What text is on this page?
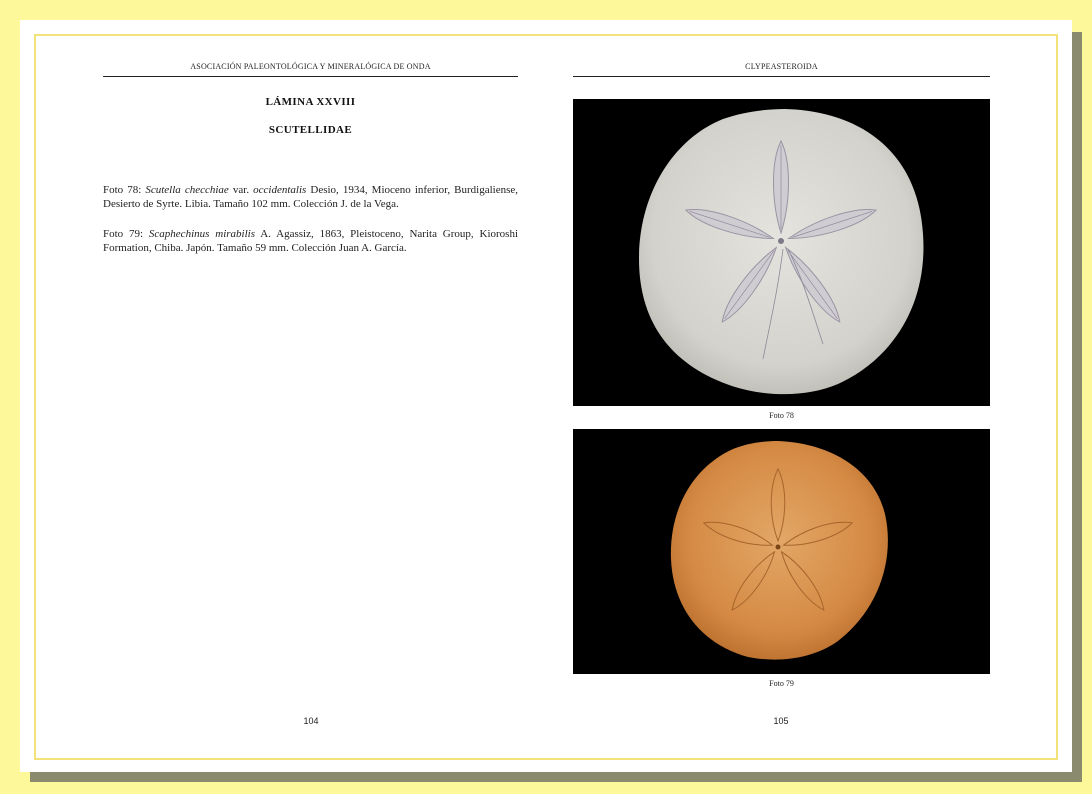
ASOCIACIÓN PALEONTOLÓGICA Y MINERALÓGICA DE ONDA
LÁMINA XXVIII
SCUTELLIDAE
Foto 78: Scutella checchiae var. occidentalis Desio, 1934, Mioceno inferior, Burdigaliense, Desierto de Syrte. Libia. Tamaño 102 mm. Colección J. de la Vega.
Foto 79: Scaphechinus mirabilis A. Agassiz, 1863, Pleistoceno, Narita Group, Kioroshi Formation, Chiba. Japón. Tamaño 59 mm. Colección Juan A. García.
104
CLYPEASTEROIDA
Foto 78
Foto 79
105
